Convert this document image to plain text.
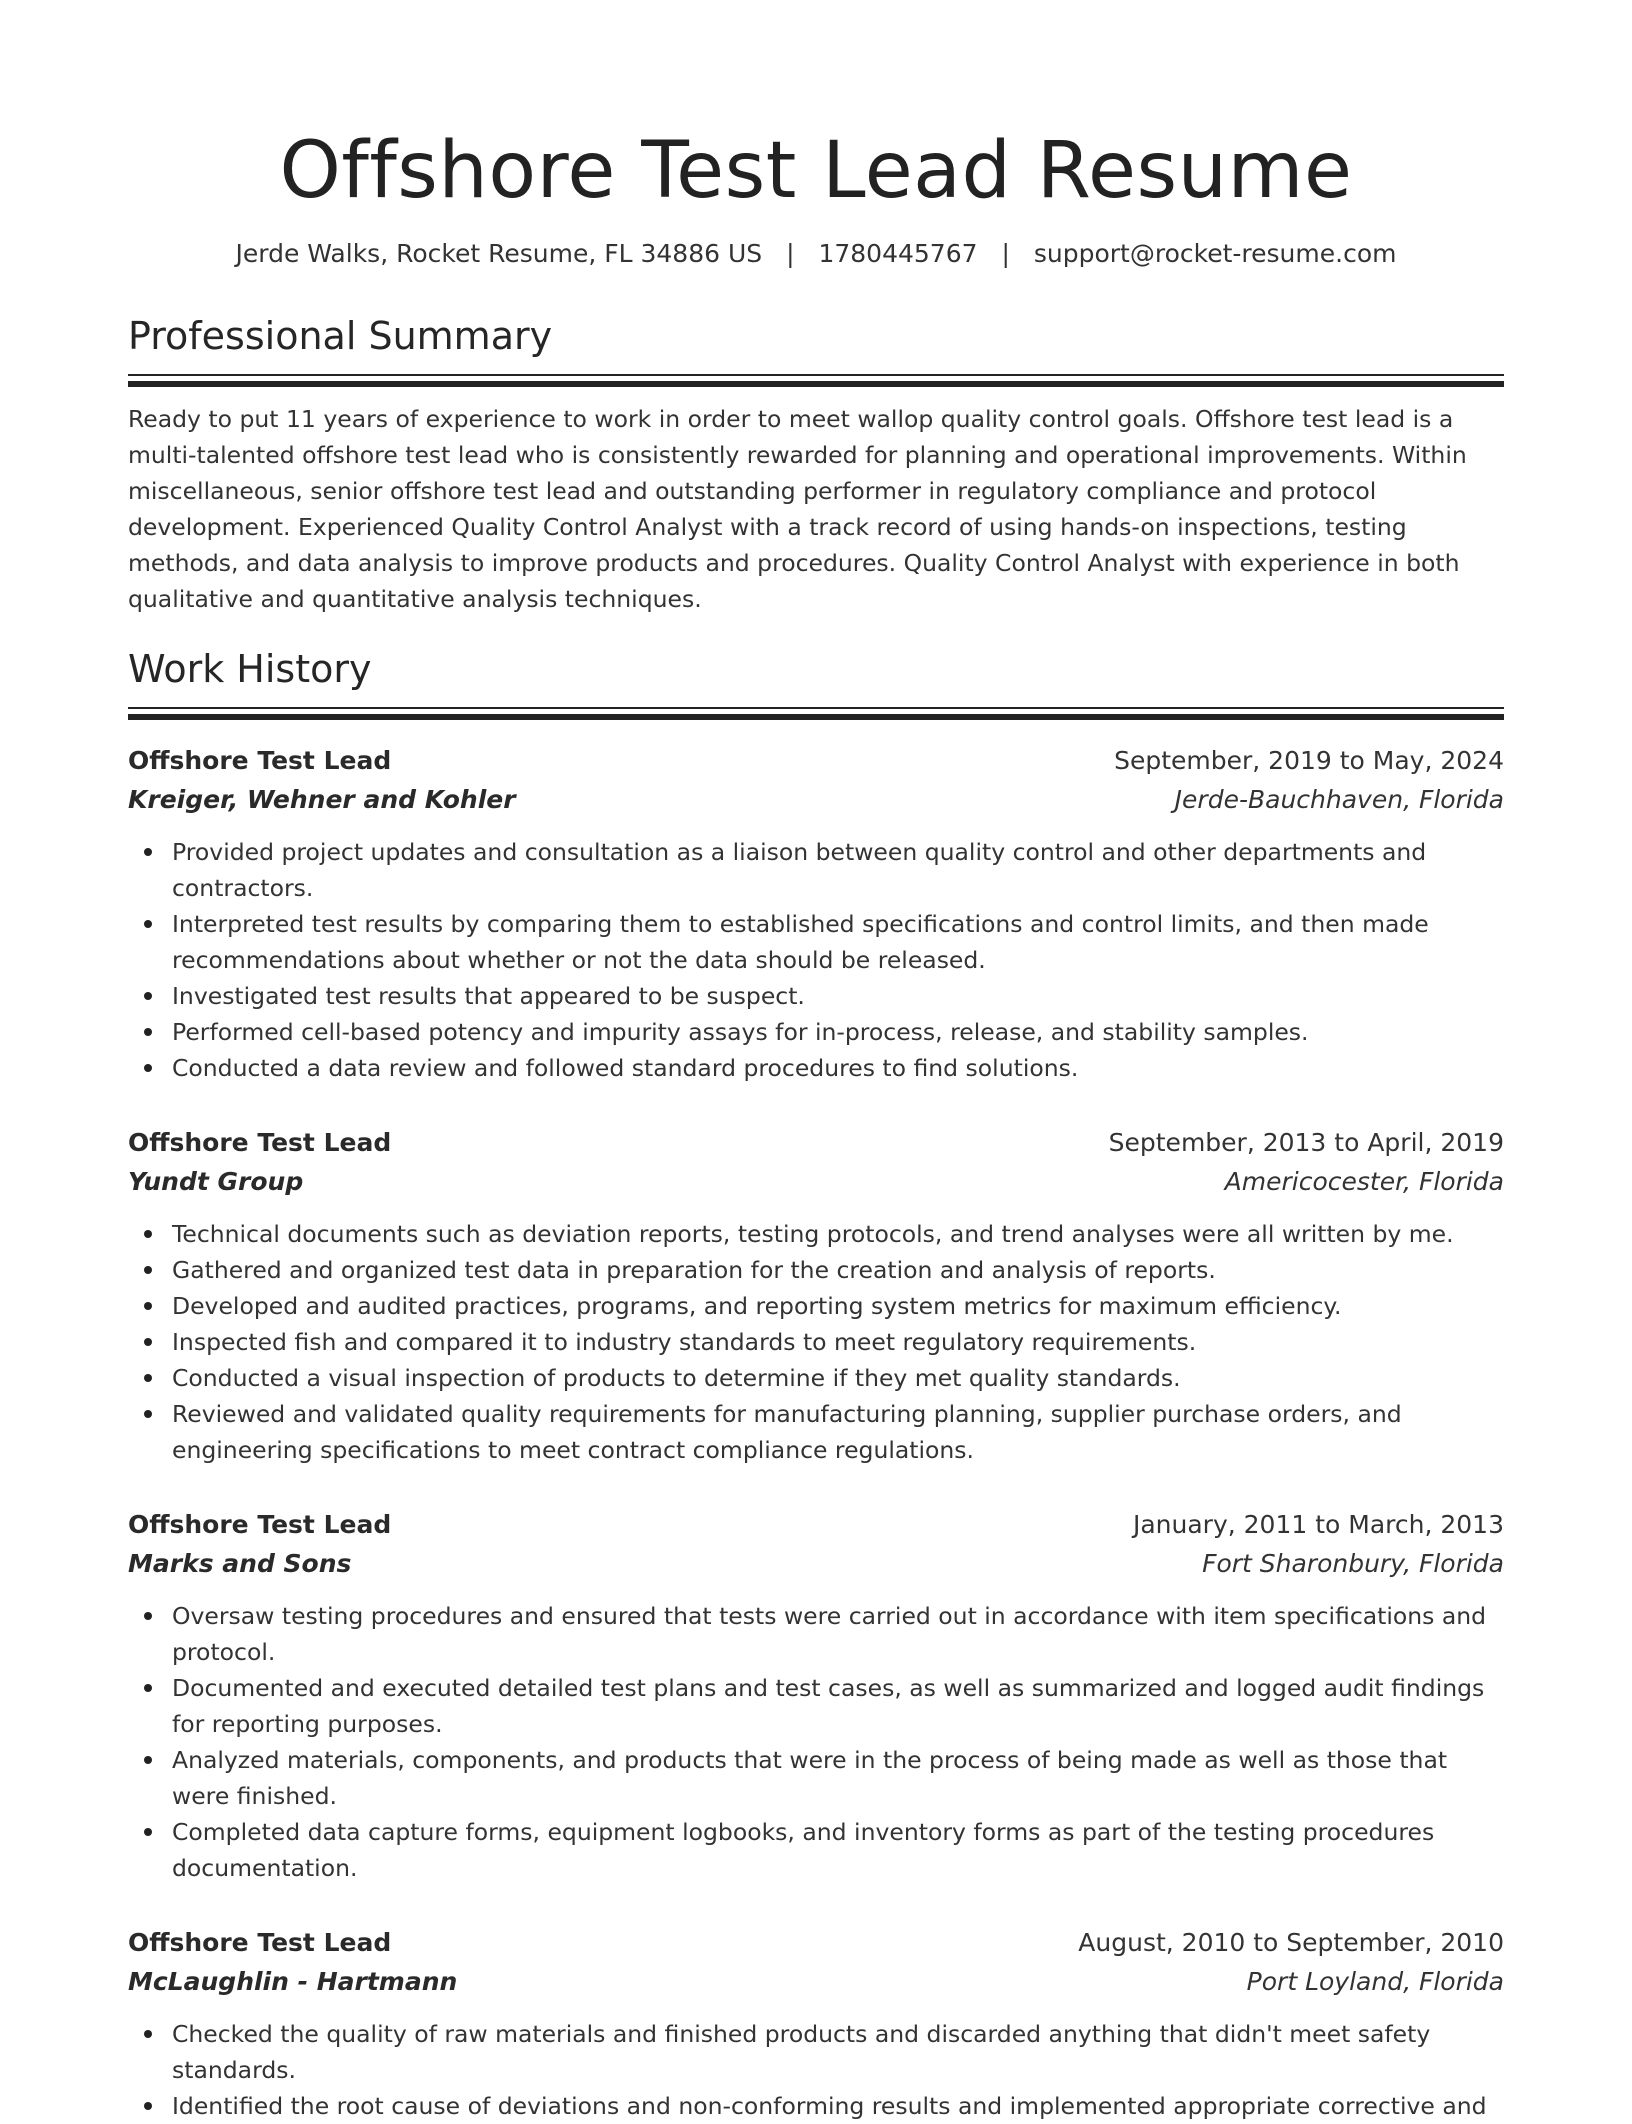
Offshore Test Lead Resume
Jerde Walks, Rocket Resume, FL 34886 US | 1780445767 | support@rocket-resume.com
Professional Summary

Ready to put 11 years of experience to work in order to meet wallop quality control goals. Offshore test lead is a multi-talented offshore test lead who is consistently rewarded for planning and operational improvements. Within miscellaneous, senior offshore test lead and outstanding performer in regulatory compliance and protocol development. Experienced Quality Control Analyst with a track record of using hands-on inspections, testing methods, and data analysis to improve products and procedures. Quality Control Analyst with experience in both qualitative and quantitative analysis techniques.

Work History
Offshore Test Lead	September, 2019 to May, 2024
Kreiger, Wehner and Kohler	Jerde-Bauchhaven, Florida
Provided project updates and consultation as a liaison between quality control and other departments and contractors.
Interpreted test results by comparing them to established specifications and control limits, and then made recommendations about whether or not the data should be released.
Investigated test results that appeared to be suspect.
Performed cell-based potency and impurity assays for in-process, release, and stability samples.
Conducted a data review and followed standard procedures to find solutions.
Offshore Test Lead	September, 2013 to April, 2019
Yundt Group	Americocester, Florida
Technical documents such as deviation reports, testing protocols, and trend analyses were all written by me.
Gathered and organized test data in preparation for the creation and analysis of reports.
Developed and audited practices, programs, and reporting system metrics for maximum efficiency.
Inspected fish and compared it to industry standards to meet regulatory requirements.
Conducted a visual inspection of products to determine if they met quality standards.
Reviewed and validated quality requirements for manufacturing planning, supplier purchase orders, and engineering specifications to meet contract compliance regulations.
Offshore Test Lead	January, 2011 to March, 2013
Marks and Sons	Fort Sharonbury, Florida
Oversaw testing procedures and ensured that tests were carried out in accordance with item specifications and protocol.
Documented and executed detailed test plans and test cases, as well as summarized and logged audit findings for reporting purposes.
Analyzed materials, components, and products that were in the process of being made as well as those that were finished.
Completed data capture forms, equipment logbooks, and inventory forms as part of the testing procedures documentation.
Offshore Test Lead	August, 2010 to September, 2010
McLaughlin - Hartmann	Port Loyland, Florida
Checked the quality of raw materials and finished products and discarded anything that didn't meet safety standards.
Identified the root cause of deviations and non-conforming results and implemented appropriate corrective and
